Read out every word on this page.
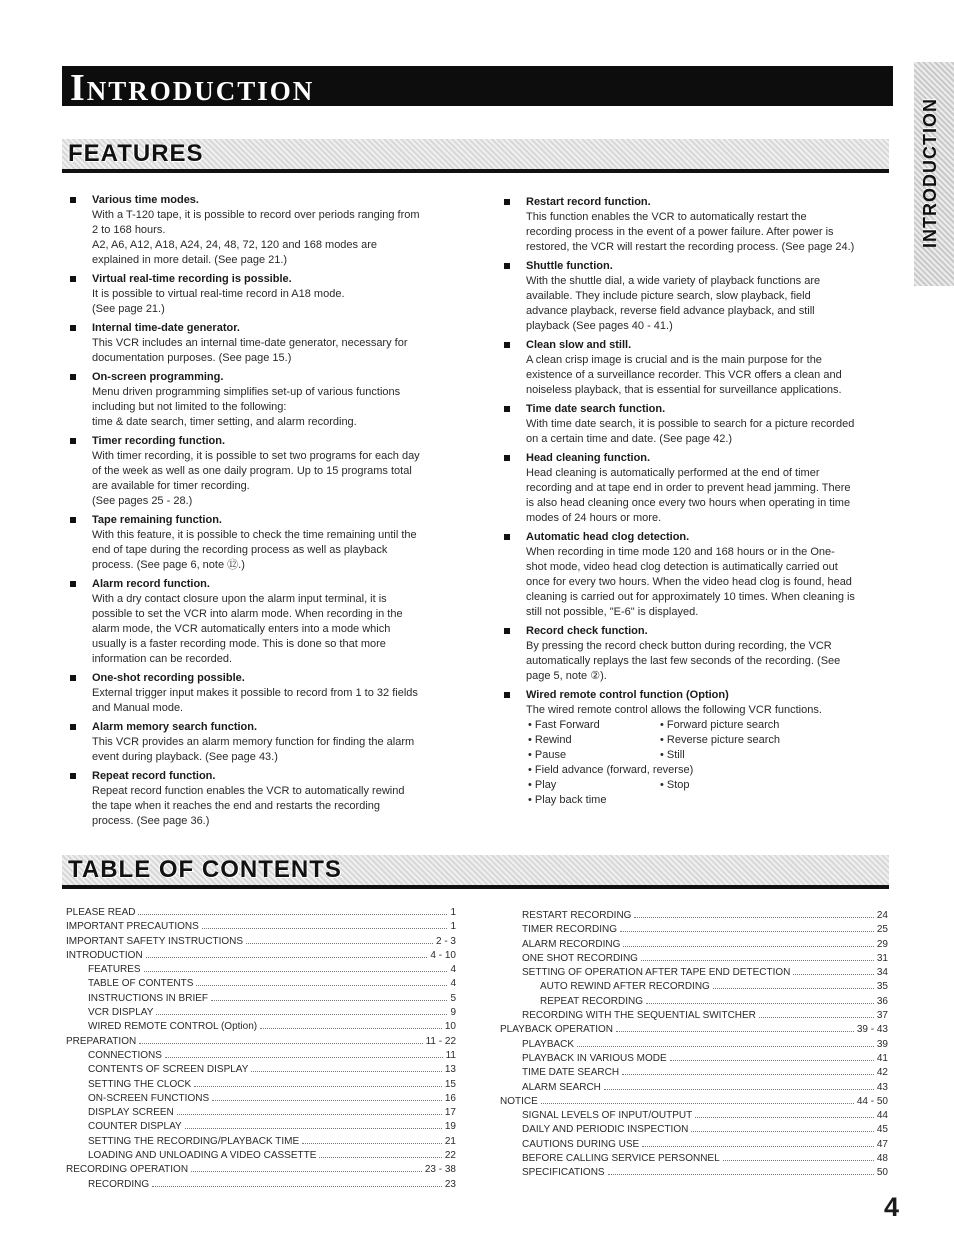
Introduction
INTRODUCTION
FEATURES
Various time modes.
With a T-120 tape, it is possible to record over periods ranging from
2 to 168 hours.
A2, A6, A12, A18, A24, 24, 48, 72, 120 and 168 modes are
explained in more detail. (See page 21.)
Virtual real-time recording is possible.
It is possible to virtual real-time record in A18 mode.
(See page 21.)
Internal time-date generator.
This VCR includes an internal time-date generator, necessary for
documentation purposes. (See page 15.)
On-screen programming.
Menu driven programming simplifies set-up of various functions
including but not limited to the following:
time & date search, timer setting, and alarm recording.
Timer recording function.
With timer recording, it is possible to set two programs for each day
of the week as well as one daily program. Up to 15 programs total
are available for timer recording.
(See pages 25 - 28.)
Tape remaining function.
With this feature, it is possible to check the time remaining until the
end of tape during the recording process as well as playback
process. (See page 6, note ⑫.)
Alarm record function.
With a dry contact closure upon the alarm input terminal, it is
possible to set the VCR into alarm mode. When recording in the
alarm mode, the VCR automatically enters into a mode which
usually is a faster recording mode. This is done so that more
information can be recorded.
One-shot recording possible.
External trigger input makes it possible to record from 1 to 32 fields
and Manual mode.
Alarm memory search function.
This VCR provides an alarm memory function for finding the alarm
event during playback. (See page 43.)
Repeat record function.
Repeat record function enables the VCR to automatically rewind
the tape when it reaches the end and restarts the recording
process. (See page 36.)
Restart record function.
This function enables the VCR to automatically restart the
recording process in the event of a power failure. After power is
restored, the VCR will restart the recording process. (See page 24.)
Shuttle function.
With the shuttle dial, a wide variety of playback functions are
available. They include picture search, slow playback, field
advance playback, reverse field advance playback, and still
playback (See pages 40 - 41.)
Clean slow and still.
A clean crisp image is crucial and is the main purpose for the
existence of a surveillance recorder. This VCR offers a clean and
noiseless playback, that is essential for surveillance applications.
Time date search function.
With time date search, it is possible to search for a picture recorded
on a certain time and date. (See page 42.)
Head cleaning function.
Head cleaning is automatically performed at the end of timer
recording and at tape end in order to prevent head jamming. There
is also head cleaning once every two hours when operating in time
modes of 24 hours or more.
Automatic head clog detection.
When recording in time mode 120 and 168 hours or in the One-
shot mode, video head clog detection is autimatically carried out
once for every two hours. When the video head clog is found, head
cleaning is carried out for approximately 10 times. When cleaning is
still not possible, "E-6" is displayed.
Record check function.
By pressing the record check button during recording, the VCR
automatically replays the last few seconds of the recording. (See
page 5, note ②).
Wired remote control function (Option)
The wired remote control allows the following VCR functions.
• Fast Forward	• Forward picture search
• Rewind	• Reverse picture search
• Pause	• Still
• Field advance (forward, reverse)
• Play	• Stop
• Play back time
TABLE OF CONTENTS
PLEASE READ	1
IMPORTANT PRECAUTIONS	1
IMPORTANT SAFETY INSTRUCTIONS	2 - 3
INTRODUCTION	4 - 10
FEATURES	4
TABLE OF CONTENTS	4
INSTRUCTIONS IN BRIEF	5
VCR DISPLAY	9
WIRED REMOTE CONTROL (Option)	10
PREPARATION	11 - 22
CONNECTIONS	11
CONTENTS OF SCREEN DISPLAY	13
SETTING THE CLOCK	15
ON-SCREEN FUNCTIONS	16
DISPLAY SCREEN	17
COUNTER DISPLAY	19
SETTING THE RECORDING/PLAYBACK TIME	21
LOADING AND UNLOADING A VIDEO CASSETTE	22
RECORDING OPERATION	23 - 38
RECORDING	23
RESTART RECORDING	24
TIMER RECORDING	25
ALARM RECORDING	29
ONE SHOT RECORDING	31
SETTING OF OPERATION AFTER TAPE END DETECTION	34
AUTO REWIND AFTER RECORDING	35
REPEAT RECORDING	36
RECORDING WITH THE SEQUENTIAL SWITCHER	37
PLAYBACK OPERATION	39 - 43
PLAYBACK	39
PLAYBACK IN VARIOUS MODE	41
TIME DATE SEARCH	42
ALARM SEARCH	43
NOTICE	44 - 50
SIGNAL LEVELS OF INPUT/OUTPUT	44
DAILY AND PERIODIC INSPECTION	45
CAUTIONS DURING USE	47
BEFORE CALLING SERVICE PERSONNEL	48
SPECIFICATIONS	50
4
